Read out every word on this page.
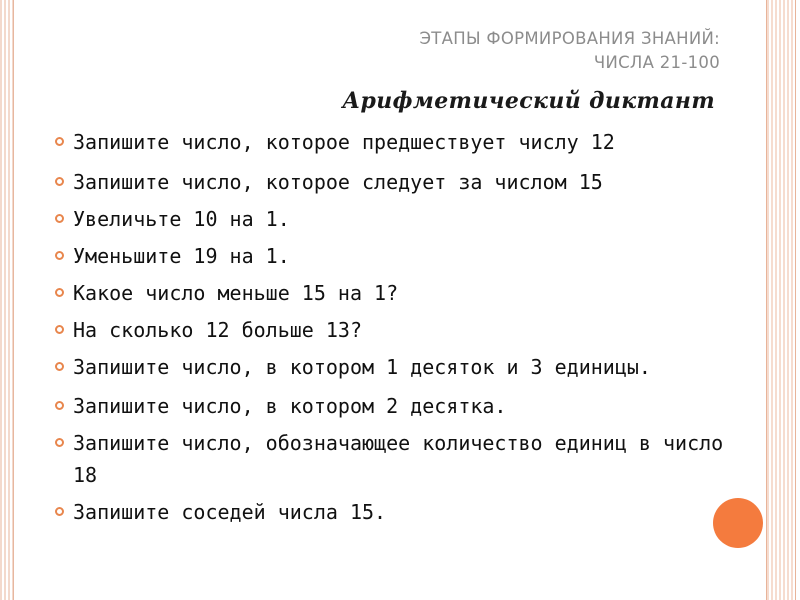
ЭТАПЫ ФОРМИРОВАНИЯ ЗНАНИЙ:
ЧИСЛА 21-100
Арифметический диктант
Запишите число, которое предшествует числу 12
Запишите число, которое следует за числом 15
Увеличьте 10 на 1.
Уменьшите 19 на 1.
Какое число меньше 15 на 1?
На сколько 12 больше 13?
Запишите число, в котором 1 десяток и 3 единицы.
Запишите число, в котором 2 десятка.
Запишите число, обозначающее количество единиц в число 18
Запишите соседей числа 15.
